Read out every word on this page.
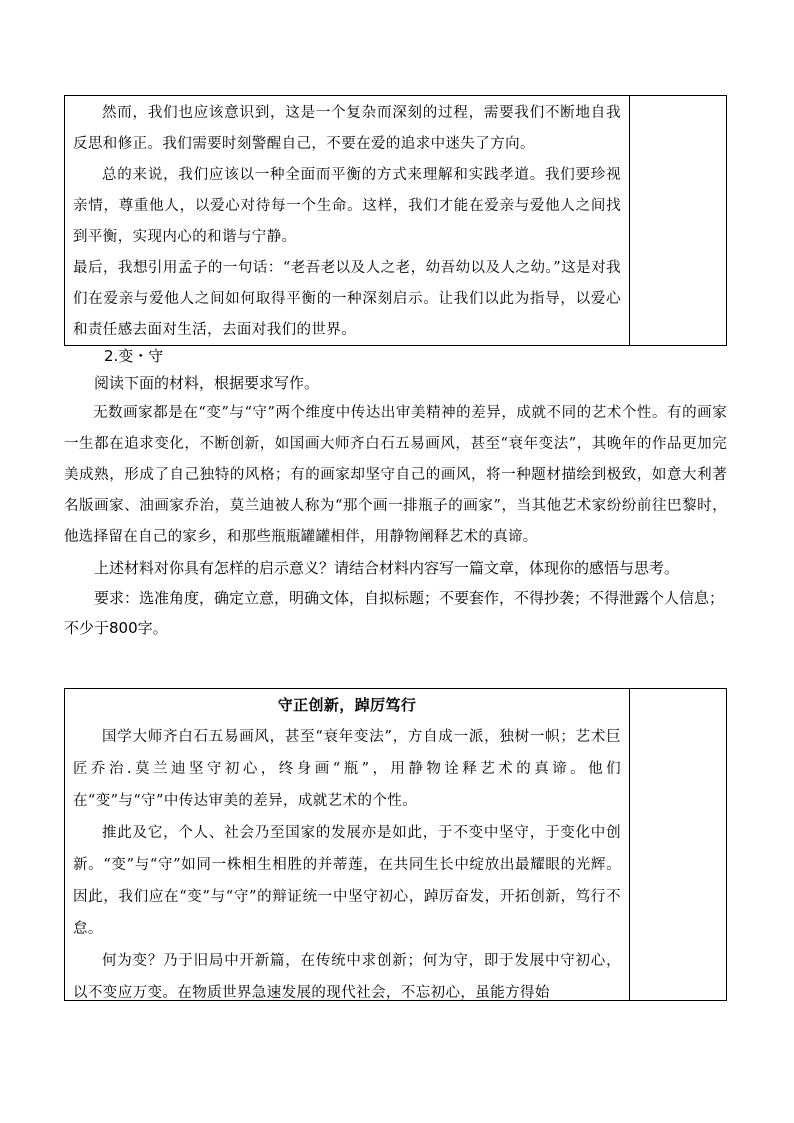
然而，我们也应该意识到，这是一个复杂而深刻的过程，需要我们不断地自我反思和修正。我们需要时刻警醒自己，不要在爱的追求中迷失了方向。

总的来说，我们应该以一种全面而平衡的方式来理解和实践孝道。我们要珍视亲情，尊重他人，以爱心对待每一个生命。这样，我们才能在爱亲与爱他人之间找到平衡，实现内心的和谐与宁静。

最后，我想引用孟子的一句话：“老吾老以及人之老，幼吾幼以及人之幼。”这是对我们在爱亲与爱他人之间如何取得平衡的一种深刻启示。让我们以此为指导，以爱心和责任感去面对生活，去面对我们的世界。

2.变・守

阅读下面的材料，根据要求写作。

无数画家都是在“变”与“守”两个维度中传达出审美精神的差异，成就不同的艺术个性。有的画家一生都在追求变化，不断创新，如国画大师齐白石五易画风，甚至“衰年变法”，其晚年的作品更加完美成熟，形成了自己独特的风格；有的画家却坚守自己的画风，将一种题材描绘到极致，如意大利著名版画家、油画家乔治，莫兰迪被人称为“那个画一排瓶子的画家”，当其他艺术家纷纷前往巴黎时，他选择留在自己的家乡，和那些瓶瓶罐罐相伴，用静物阐释艺术的真谛。

上述材料对你具有怎样的启示意义？请结合材料内容写一篇文章，体现你的感悟与思考。

要求：选准角度，确定立意，明确文体，自拟标题；不要套作，不得抄袭；不得泄露个人信息；不少于800字。

守正创新，踔厉笃行

国学大师齐白石五易画风，甚至“衰年变法”，方自成一派，独树一帜；艺术巨匠乔治.莫兰迪坚守初心，终身画“瓶”，用静物诠释艺术的真谛。他们在“变”与“守”中传达审美的差异，成就艺术的个性。

推此及它，个人、社会乃至国家的发展亦是如此，于不变中坚守，于变化中创新。“变”与“守”如同一株相生相胜的并蒂莲，在共同生长中绽放出最耀眼的光辉。因此，我们应在“变”与“守”的辩证统一中坚守初心，踔厉奋发，开拓创新，笃行不怠。

何为变？乃于旧局中开新篇，在传统中求创新；何为守，即于发展中守初心，以不变应万变。在物质世界急速发展的现代社会，不忘初心，虽能方得始
